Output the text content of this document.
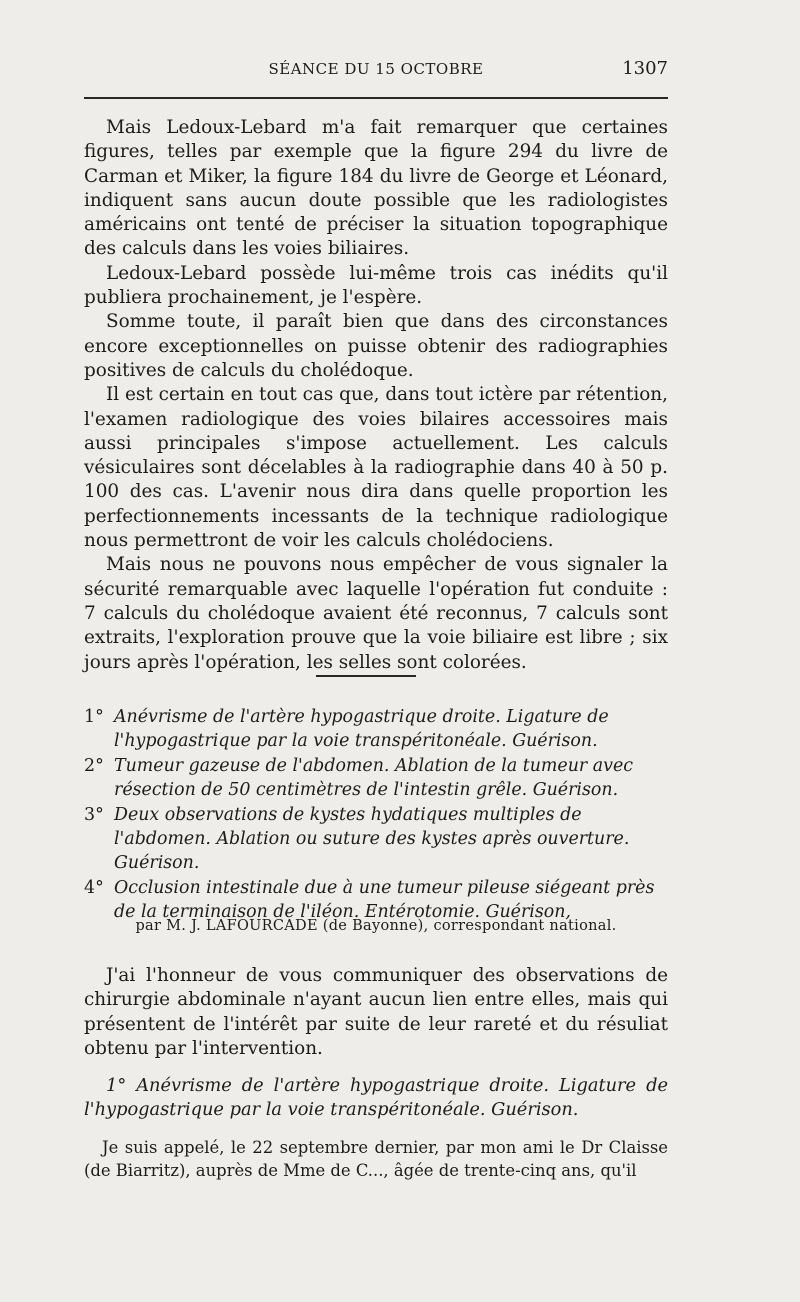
SÉANCE DU 15 OCTOBRE	1307

Mais Ledoux-Lebard m'a fait remarquer que certaines figures, telles par exemple que la figure 294 du livre de Carman et Miker, la figure 184 du livre de George et Léonard, indiquent sans aucun doute possible que les radiologistes américains ont tenté de préciser la situation topographique des calculs dans les voies biliaires.

Ledoux-Lebard possède lui-même trois cas inédits qu'il publiera prochainement, je l'espère.

Somme toute, il paraît bien que dans des circonstances encore exceptionnelles on puisse obtenir des radiographies positives de calculs du cholédoque.

Il est certain en tout cas que, dans tout ictère par rétention, l'examen radiologique des voies bilaires accessoires mais aussi principales s'impose actuellement. Les calculs vésiculaires sont décelables à la radiographie dans 40 à 50 p. 100 des cas. L'avenir nous dira dans quelle proportion les perfectionnements incessants de la technique radiologique nous permettront de voir les calculs cholédociens.

Mais nous ne pouvons nous empêcher de vous signaler la sécurité remarquable avec laquelle l'opération fut conduite : 7 calculs du cholédoque avaient été reconnus, 7 calculs sont extraits, l'exploration prouve que la voie biliaire est libre ; six jours après l'opération, les selles sont colorées.

1° Anévrisme de l'artère hypogastrique droite. Ligature de l'hypogastrique par la voie transpéritonéale. Guérison.
2° Tumeur gazeuse de l'abdomen. Ablation de la tumeur avec résection de 50 centimètres de l'intestin grêle. Guérison.
3° Deux observations de kystes hydatiques multiples de l'abdomen. Ablation ou suture des kystes après ouverture. Guérison.
4° Occlusion intestinale due à une tumeur pileuse siégeant près de la terminaison de l'iléon. Entérotomie. Guérison,
par M. J. LAFOURCADE (de Bayonne), correspondant national.

J'ai l'honneur de vous communiquer des observations de chirurgie abdominale n'ayant aucun lien entre elles, mais qui présentent de l'intérêt par suite de leur rareté et du résuliat obtenu par l'intervention.

1° Anévrisme de l'artère hypogastrique droite. Ligature de l'hypogastrique par la voie transpéritonéale. Guérison.

Je suis appelé, le 22 septembre dernier, par mon ami le Dr Claisse (de Biarritz), auprès de Mme de C..., âgée de trente-cinq ans, qu'il
